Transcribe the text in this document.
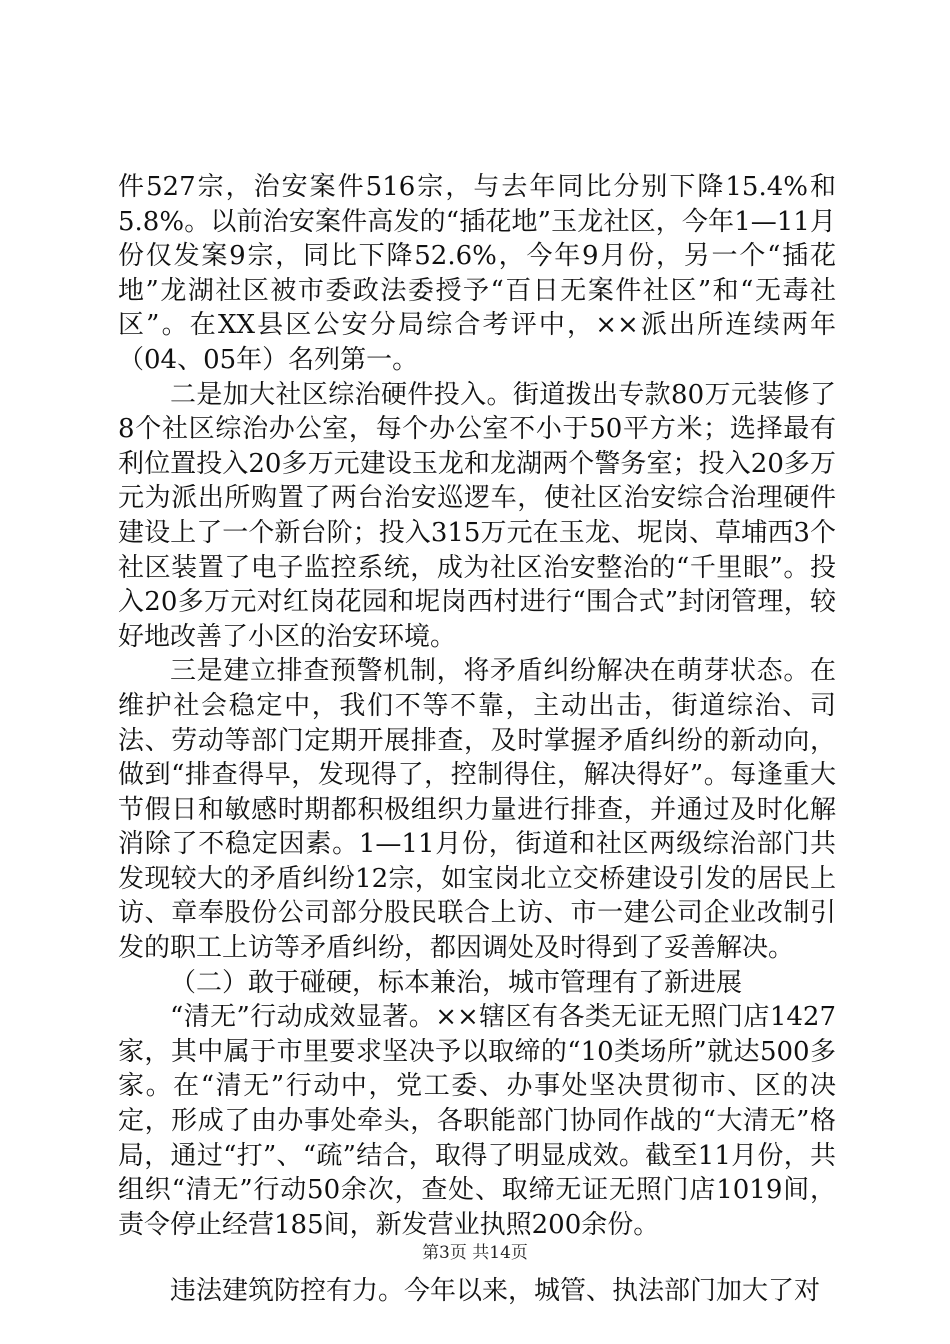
件527宗，治安案件516宗，与去年同比分别下降15.4%和5.8%。以前治安案件高发的“插花地”玉龙社区，今年1—11月份仅发案9宗，同比下降52.6%，今年9月份，另一个“插花地”龙湖社区被市委政法委授予“百日无案件社区”和“无毒社区”。在XX县区公安分局综合考评中，××派出所连续两年（04、05年）名列第一。

二是加大社区综治硬件投入。街道拨出专款80万元装修了8个社区综治办公室，每个办公室不小于50平方米；选择最有利位置投入20多万元建设玉龙和龙湖两个警务室；投入20多万元为派出所购置了两台治安巡逻车，使社区治安综合治理硬件建设上了一个新台阶；投入315万元在玉龙、坭岗、草埔西3个社区装置了电子监控系统，成为社区治安整治的“千里眼”。投入20多万元对红岗花园和坭岗西村进行“围合式”封闭管理，较好地改善了小区的治安环境。

三是建立排查预警机制，将矛盾纠纷解决在萌芽状态。在维护社会稳定中，我们不等不靠，主动出击，街道综治、司法、劳动等部门定期开展排查，及时掌握矛盾纠纷的新动向，做到“排查得早，发现得了，控制得住，解决得好”。每逢重大节假日和敏感时期都积极组织力量进行排查，并通过及时化解消除了不稳定因素。1—11月份，街道和社区两级综治部门共发现较大的矛盾纠纷12宗，如宝岗北立交桥建设引发的居民上访、章奉股份公司部分股民联合上访、市一建公司企业改制引发的职工上访等矛盾纠纷，都因调处及时得到了妥善解决。

（二）敢于碰硬，标本兼治，城市管理有了新进展

“清无”行动成效显著。××辖区有各类无证无照门店1427家，其中属于市里要求坚决予以取缔的“10类场所”就达500多家。在“清无”行动中，党工委、办事处坚决贯彻市、区的决定，形成了由办事处牵头，各职能部门协同作战的“大清无”格局，通过“打”、“疏”结合，取得了明显成效。截至11月份，共组织“清无”行动50余次，查处、取缔无证无照门店1019间，责令停止经营185间，新发营业执照200余份。

违法建筑防控有力。今年以来，城管、执法部门加大了对

第3页 共14页
